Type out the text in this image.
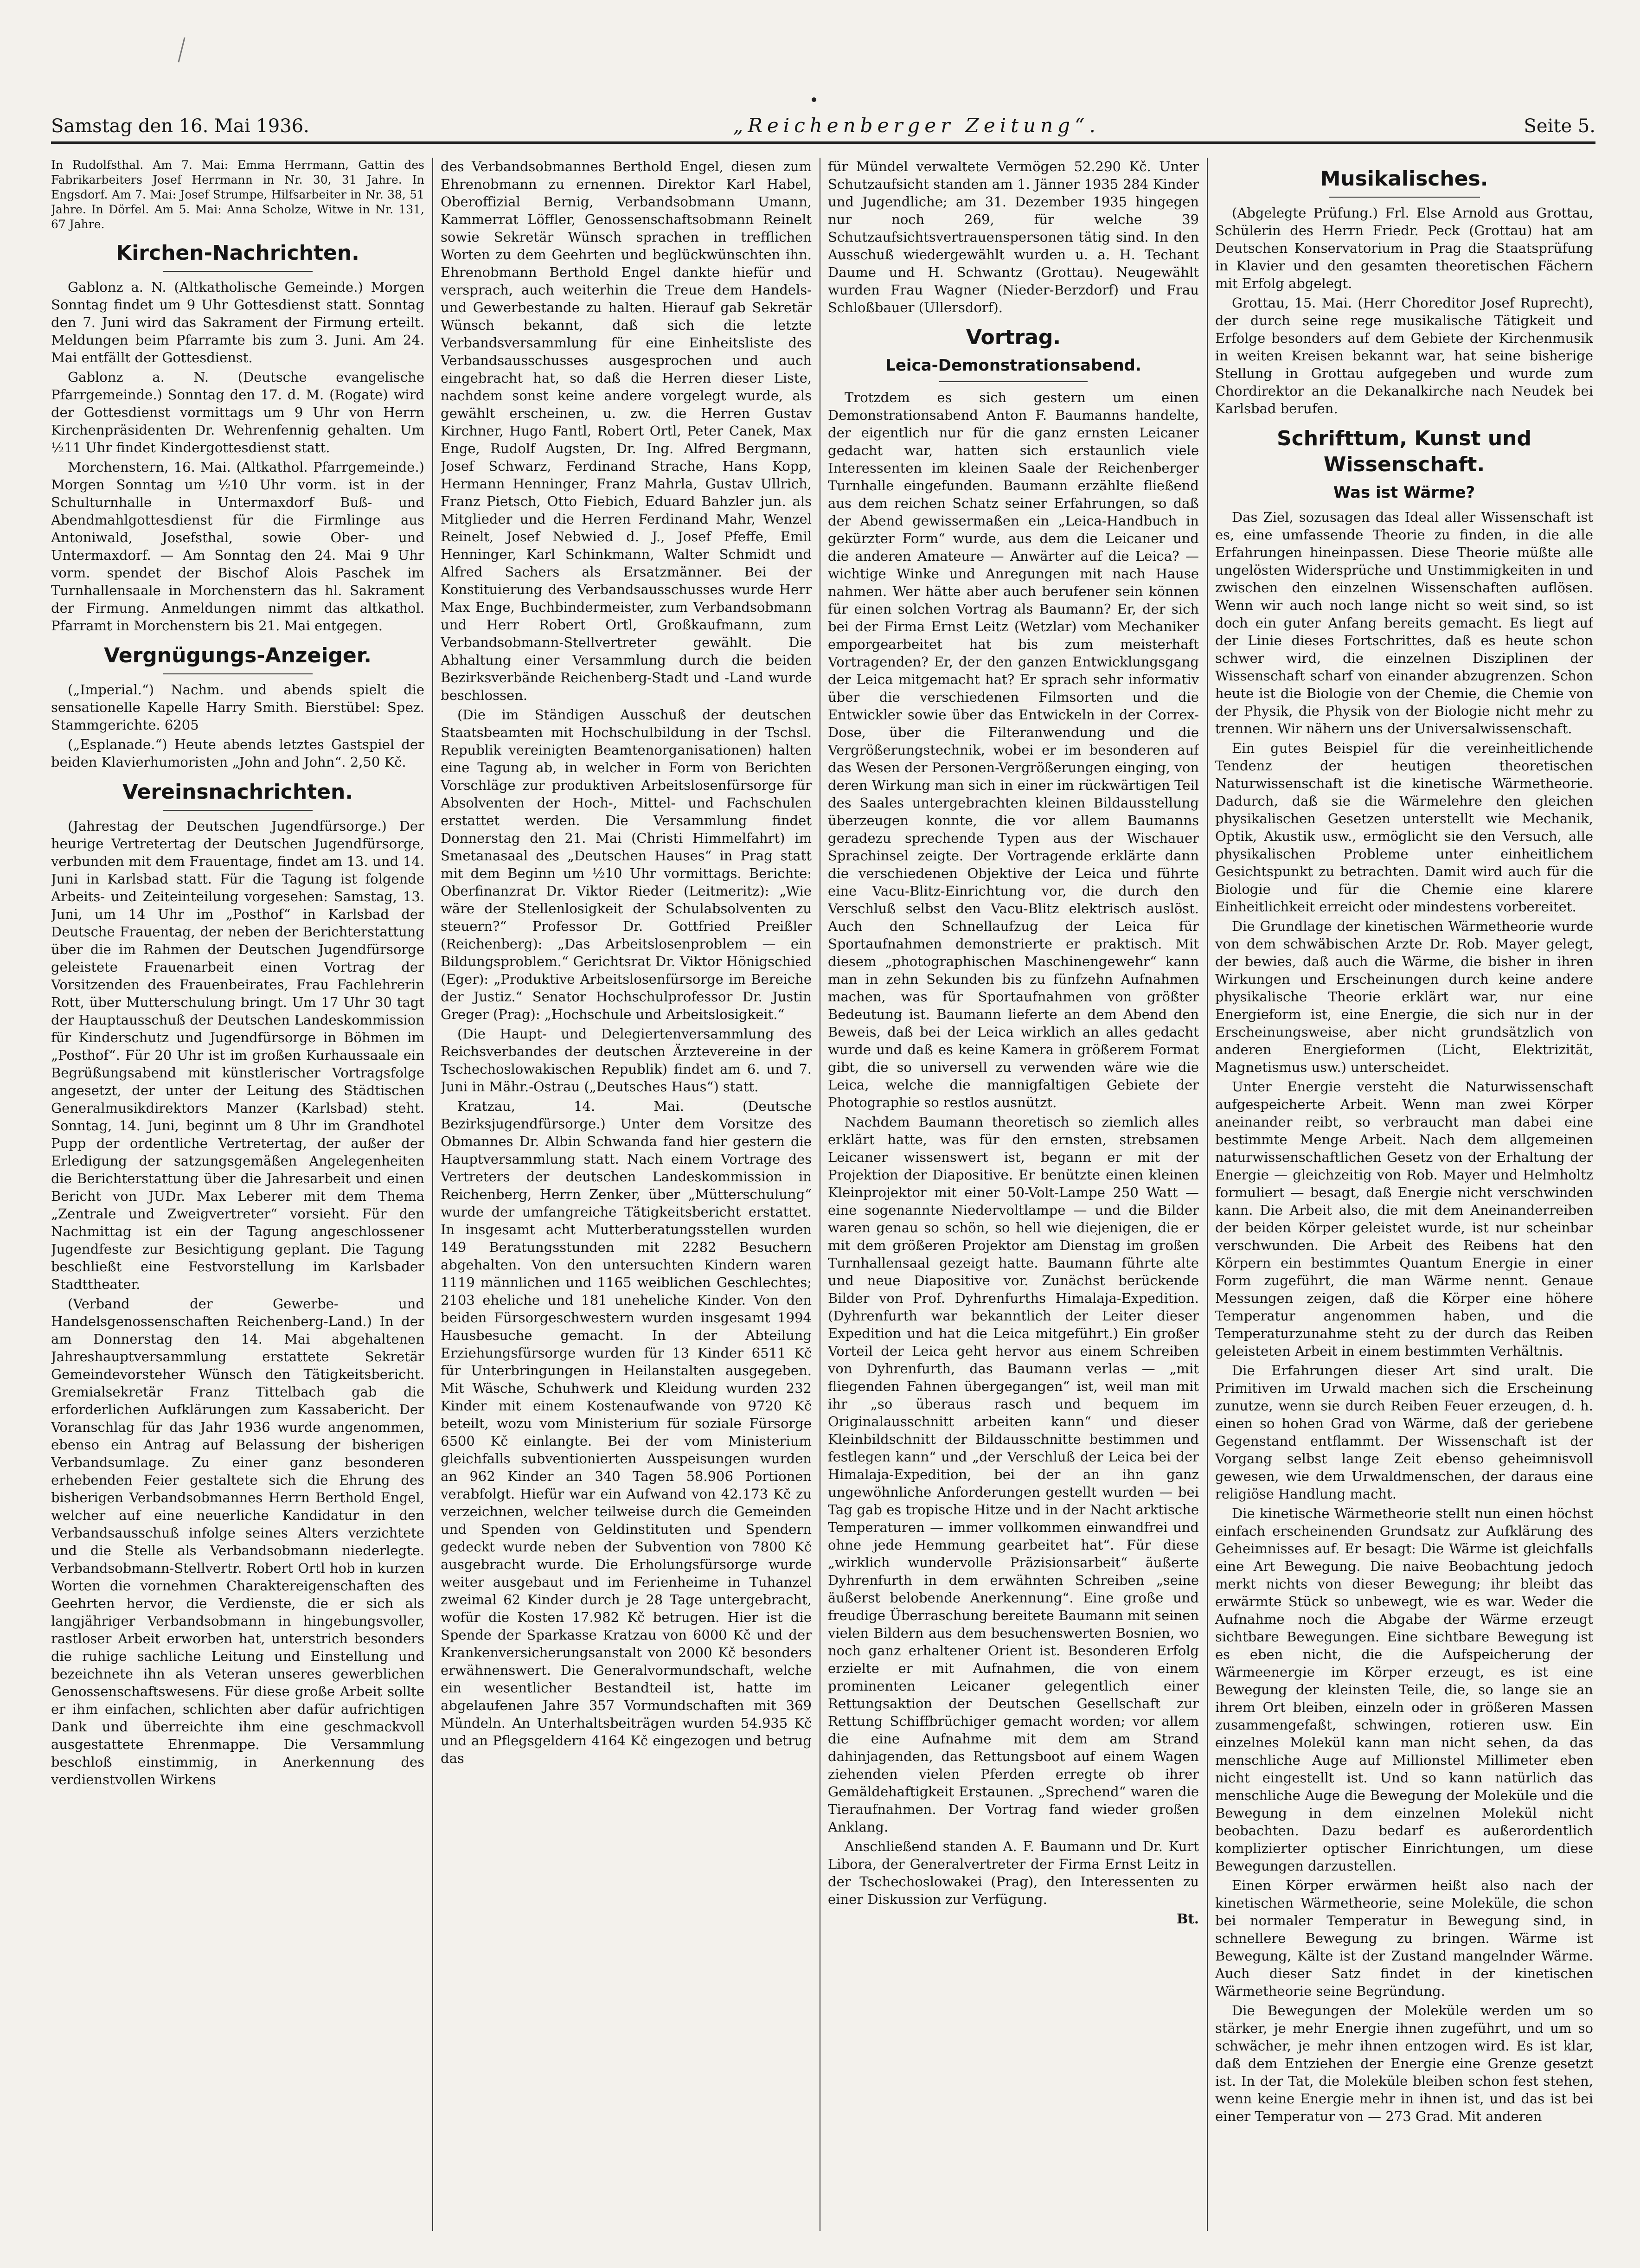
Samstag den 16. Mai 1936.	„Reichenberger Zeitung“.	Seite 5.

In Rudolfsthal. Am 7. Mai: Emma Herrmann, Gattin des Fabrikarbeiters Josef Herrmann in Nr. 30, 31 Jahre. In Engsdorf. Am 7. Mai: Josef Strumpe, Hilfsarbeiter in Nr. 38, 51 Jahre. In Dörfel. Am 5. Mai: Anna Scholze, Witwe in Nr. 131, 67 Jahre.

Kirchen-Nachrichten.

Gablonz a. N. (Altkatholische Gemeinde.) Morgen Sonntag findet um 9 Uhr Gottesdienst statt. Sonntag den 7. Juni wird das Sakrament der Firmung erteilt. Meldungen beim Pfarramte bis zum 3. Juni. Am 24. Mai entfällt der Gottesdienst.

Gablonz a. N. (Deutsche evangelische Pfarrgemeinde.) Sonntag den 17. d. M. (Rogate) wird der Gottesdienst vormittags um 9 Uhr von Herrn Kirchenpräsidenten Dr. Wehrenfennig gehalten. Um ½11 Uhr findet Kindergottesdienst statt.

Morchenstern, 16. Mai. (Altkathol. Pfarrgemeinde.) Morgen Sonntag um ½10 Uhr vorm. ist in der Schulturnhalle in Untermaxdorf Buß- und Abendmahlgottesdienst für die Firmlinge aus Antoniwald, Josefsthal, sowie Ober- und Untermaxdorf. — Am Sonntag den 24. Mai 9 Uhr vorm. spendet der Bischof Alois Paschek im Turnhallensaale in Morchenstern das hl. Sakrament der Firmung. Anmeldungen nimmt das altkathol. Pfarramt in Morchenstern bis 21. Mai entgegen.

Vergnügungs-Anzeiger.

(„Imperial.“) Nachm. und abends spielt die sensationelle Kapelle Harry Smith. Bierstübel: Spez. Stammgerichte. 6205

(„Esplanade.“) Heute abends letztes Gastspiel der beiden Klavierhumoristen „John and John“. 2,50 Kč.

Vereinsnachrichten.

(Jahrestag der Deutschen Jugendfürsorge.) Der heurige Vertretertag der Deutschen Jugendfürsorge, verbunden mit dem Frauentage, findet am 13. und 14. Juni in Karlsbad statt. Für die Tagung ist folgende Arbeits- und Zeiteinteilung vorgesehen: Samstag, 13. Juni, um 14 Uhr im „Posthof“ in Karlsbad der Deutsche Frauentag, der neben der Berichterstattung über die im Rahmen der Deutschen Jugendfürsorge geleistete Frauenarbeit einen Vortrag der Vorsitzenden des Frauenbeirates, Frau Fachlehrerin Rott, über Mutterschulung bringt. Um 17 Uhr 30 tagt der Hauptausschuß der Deutschen Landeskommission für Kinderschutz und Jugendfürsorge in Böhmen im „Posthof“. Für 20 Uhr ist im großen Kurhaussaale ein Begrüßungsabend mit künstlerischer Vortragsfolge angesetzt, der unter der Leitung des Städtischen Generalmusikdirektors Manzer (Karlsbad) steht. Sonntag, 14. Juni, beginnt um 8 Uhr im Grandhotel Pupp der ordentliche Vertretertag, der außer der Erledigung der satzungsgemäßen Angelegenheiten die Berichterstattung über die Jahresarbeit und einen Bericht von JUDr. Max Leberer mit dem Thema „Zentrale und Zweigvertreter“ vorsieht. Für den Nachmittag ist ein der Tagung angeschlossener Jugendfeste zur Besichtigung geplant. Die Tagung beschließt eine Festvorstellung im Karlsbader Stadttheater.

(Verband der Gewerbe- und Handelsgenossenschaften Reichenberg-Land.) In der am Donnerstag den 14. Mai abgehaltenen Jahreshauptversammlung erstattete Sekretär Gemeindevorsteher Wünsch den Tätigkeitsbericht. Gremialsekretär Franz Tittelbach gab die erforderlichen Aufklärungen zum Kassabericht. Der Voranschlag für das Jahr 1936 wurde angenommen, ebenso ein Antrag auf Belassung der bisherigen Verbandsumlage. Zu einer ganz besonderen erhebenden Feier gestaltete sich die Ehrung des bisherigen Verbandsobmannes Herrn Berthold Engel, welcher auf eine neuerliche Kandidatur in den Verbandsausschuß infolge seines Alters verzichtete und die Stelle als Verbandsobmann niederlegte. Verbandsobmann-Stellvertr. Robert Ortl hob in kurzen Worten die vornehmen Charaktereigenschaften des Geehrten hervor, die Verdienste, die er sich als langjähriger Verbandsobmann in hingebungsvoller, rastloser Arbeit erworben hat, unterstrich besonders die ruhige sachliche Leitung und Einstellung und bezeichnete ihn als Veteran unseres gewerblichen Genossenschaftswesens. Für diese große Arbeit sollte er ihm einfachen, schlichten aber dafür aufrichtigen Dank und überreichte ihm eine geschmackvoll ausgestattete Ehrenmappe. Die Versammlung beschloß einstimmig, in Anerkennung des verdienstvollen Wirkens

des Verbandsobmannes Berthold Engel, diesen zum Ehrenobmann zu ernennen. Direktor Karl Habel, Oberoffizial Bernig, Verbandsobmann Umann, Kammerrat Löffler, Genossenschaftsobmann Reinelt sowie Sekretär Wünsch sprachen in trefflichen Worten zu dem Geehrten und beglückwünschten ihn. Ehrenobmann Berthold Engel dankte hiefür und versprach, auch weiterhin die Treue dem Handels- und Gewerbestande zu halten. Hierauf gab Sekretär Wünsch bekannt, daß sich die letzte Verbandsversammlung für eine Einheitsliste des Verbandsausschusses ausgesprochen und auch eingebracht hat, so daß die Herren dieser Liste, nachdem sonst keine andere vorgelegt wurde, als gewählt erscheinen, u. zw. die Herren Gustav Kirchner, Hugo Fantl, Robert Ortl, Peter Canek, Max Enge, Rudolf Augsten, Dr. Ing. Alfred Bergmann, Josef Schwarz, Ferdinand Strache, Hans Kopp, Hermann Henninger, Franz Mahrla, Gustav Ullrich, Franz Pietsch, Otto Fiebich, Eduard Bahzler jun. als Mitglieder und die Herren Ferdinand Mahr, Wenzel Reinelt, Josef Nebwied d. J., Josef Pfeffe, Emil Henninger, Karl Schinkmann, Walter Schmidt und Alfred Sachers als Ersatzmänner. Bei der Konstituierung des Verbandsausschusses wurde Herr Max Enge, Buchbindermeister, zum Verbandsobmann und Herr Robert Ortl, Großkaufmann, zum Verbandsobmann-Stellvertreter gewählt. Die Abhaltung einer Versammlung durch die beiden Bezirksverbände Reichenberg-Stadt und -Land wurde beschlossen.

(Die im Ständigen Ausschuß der deutschen Staatsbeamten mit Hochschulbildung in der Tschsl. Republik vereinigten Beamtenorganisationen) halten eine Tagung ab, in welcher in Form von Berichten Vorschläge zur produktiven Arbeitslosenfürsorge für Absolventen der Hoch-, Mittel- und Fachschulen erstattet werden. Die Versammlung findet Donnerstag den 21. Mai (Christi Himmelfahrt) im Smetanasaal des „Deutschen Hauses“ in Prag statt mit dem Beginn um ½10 Uhr vormittags. Berichte: Oberfinanzrat Dr. Viktor Rieder (Leitmeritz): „Wie wäre der Stellenlosigkeit der Schulabsolventen zu steuern?“ Professor Dr. Gottfried Preißler (Reichenberg): „Das Arbeitslosenproblem — ein Bildungsproblem.“ Gerichtsrat Dr. Viktor Hönigschied (Eger): „Produktive Arbeitslosenfürsorge im Bereiche der Justiz.“ Senator Hochschulprofessor Dr. Justin Greger (Prag): „Hochschule und Arbeitslosigkeit.“

(Die Haupt- und Delegiertenversammlung des Reichsverbandes der deutschen Ärztevereine in der Tschechoslowakischen Republik) findet am 6. und 7. Juni in Mähr.-Ostrau („Deutsches Haus“) statt.

Kratzau, 14. Mai. (Deutsche Bezirksjugendfürsorge.) Unter dem Vorsitze des Obmannes Dr. Albin Schwanda fand hier gestern die Hauptversammlung statt. Nach einem Vortrage des Vertreters der deutschen Landeskommission in Reichenberg, Herrn Zenker, über „Mütterschulung“ wurde der umfangreiche Tätigkeitsbericht erstattet. In insgesamt acht Mutterberatungsstellen wurden 149 Beratungsstunden mit 2282 Besuchern abgehalten. Von den untersuchten Kindern waren 1119 männlichen und 1165 weiblichen Geschlechtes; 2103 eheliche und 181 uneheliche Kinder. Von den beiden Fürsorgeschwestern wurden insgesamt 1994 Hausbesuche gemacht. In der Abteilung Erziehungsfürsorge wurden für 13 Kinder 6511 Kč für Unterbringungen in Heilanstalten ausgegeben. Mit Wäsche, Schuhwerk und Kleidung wurden 232 Kinder mit einem Kostenaufwande von 9720 Kč beteilt, wozu vom Ministerium für soziale Fürsorge 6500 Kč einlangte. Bei der vom Ministerium gleichfalls subventionierten Ausspeisungen wurden an 962 Kinder an 340 Tagen 58.906 Portionen verabfolgt. Hiefür war ein Aufwand von 42.173 Kč zu verzeichnen, welcher teilweise durch die Gemeinden und Spenden von Geldinstituten und Spendern gedeckt wurde neben der Subvention von 7800 Kč ausgebracht wurde. Die Erholungsfürsorge wurde weiter ausgebaut und im Ferienheime in Tuhanzel zweimal 62 Kinder durch je 28 Tage untergebracht, wofür die Kosten 17.982 Kč betrugen. Hier ist die Spende der Sparkasse Kratzau von 6000 Kč und der Krankenversicherungsanstalt von 2000 Kč besonders erwähnenswert. Die Generalvormundschaft, welche ein wesentlicher Bestandteil ist, hatte im abgelaufenen Jahre 357 Vormundschaften mit 369 Mündeln. An Unterhaltsbeiträgen wurden 54.935 Kč und an Pflegsgeldern 4164 Kč eingezogen und betrug das

für Mündel verwaltete Vermögen 52.290 Kč. Unter Schutzaufsicht standen am 1. Jänner 1935 284 Kinder und Jugendliche; am 31. Dezember 1935 hingegen nur noch 269, für welche 39 Schutzaufsichtsvertrauenspersonen tätig sind. In den Ausschuß wiedergewählt wurden u. a. H. Techant Daume und H. Schwantz (Grottau). Neugewählt wurden Frau Wagner (Nieder-Berzdorf) und Frau Schloßbauer (Ullersdorf).

Vortrag.
Leica-Demonstrationsabend.

Trotzdem es sich gestern um einen Demonstrationsabend Anton F. Baumanns handelte, der eigentlich nur für die ganz ernsten Leicaner gedacht war, hatten sich erstaunlich viele Interessenten im kleinen Saale der Reichenberger Turnhalle eingefunden. Baumann erzählte fließend aus dem reichen Schatz seiner Erfahrungen, so daß der Abend gewissermaßen ein „Leica-Handbuch in gekürzter Form“ wurde, aus dem die Leicaner und die anderen Amateure — Anwärter auf die Leica? — wichtige Winke und Anregungen mit nach Hause nahmen. Wer hätte aber auch berufener sein können für einen solchen Vortrag als Baumann? Er, der sich bei der Firma Ernst Leitz (Wetzlar) vom Mechaniker emporgearbeitet hat bis zum meisterhaft Vortragenden? Er, der den ganzen Entwicklungsgang der Leica mitgemacht hat? Er sprach sehr informativ über die verschiedenen Filmsorten und die Entwickler sowie über das Entwickeln in der Correx-Dose, über die Filteranwendung und die Vergrößerungstechnik, wobei er im besonderen auf das Wesen der Personen-Vergrößerungen einging, von deren Wirkung man sich in einer im rückwärtigen Teil des Saales untergebrachten kleinen Bildausstellung überzeugen konnte, die vor allem Baumanns geradezu sprechende Typen aus der Wischauer Sprachinsel zeigte. Der Vortragende erklärte dann die verschiedenen Objektive der Leica und führte eine Vacu-Blitz-Einrichtung vor, die durch den Verschluß selbst den Vacu-Blitz elektrisch auslöst. Auch den Schnellaufzug der Leica für Sportaufnahmen demonstrierte er praktisch. Mit diesem „photographischen Maschinengewehr“ kann man in zehn Sekunden bis zu fünfzehn Aufnahmen machen, was für Sportaufnahmen von größter Bedeutung ist. Baumann lieferte an dem Abend den Beweis, daß bei der Leica wirklich an alles gedacht wurde und daß es keine Kamera in größerem Format gibt, die so universell zu verwenden wäre wie die Leica, welche die mannigfaltigen Gebiete der Photographie so restlos ausnützt.

Nachdem Baumann theoretisch so ziemlich alles erklärt hatte, was für den ernsten, strebsamen Leicaner wissenswert ist, begann er mit der Projektion der Diapositive. Er benützte einen kleinen Kleinprojektor mit einer 50-Volt-Lampe 250 Watt — eine sogenannte Niedervoltlampe — und die Bilder waren genau so schön, so hell wie diejenigen, die er mit dem größeren Projektor am Dienstag im großen Turnhallensaal gezeigt hatte. Baumann führte alte und neue Diapositive vor. Zunächst berückende Bilder von Prof. Dyhrenfurths Himalaja-Expedition. (Dyhrenfurth war bekanntlich der Leiter dieser Expedition und hat die Leica mitgeführt.) Ein großer Vorteil der Leica geht hervor aus einem Schreiben von Dyhrenfurth, das Baumann verlas — „mit fliegenden Fahnen übergegangen“ ist, weil man mit ihr „so überaus rasch und bequem im Originalausschnitt arbeiten kann“ und dieser Kleinbildschnitt der Bildausschnitte bestimmen und festlegen kann“ und „der Verschluß der Leica bei der Himalaja-Expedition, bei der an ihn ganz ungewöhnliche Anforderungen gestellt wurden — bei Tag gab es tropische Hitze und in der Nacht arktische Temperaturen — immer vollkommen einwandfrei und ohne jede Hemmung gearbeitet hat“. Für diese „wirklich wundervolle Präzisionsarbeit“ äußerte Dyhrenfurth in dem erwähnten Schreiben „seine äußerst belobende Anerkennung“. Eine große und freudige Überraschung bereitete Baumann mit seinen vielen Bildern aus dem besuchenswerten Bosnien, wo noch ganz erhaltener Orient ist. Besonderen Erfolg erzielte er mit Aufnahmen, die von einem prominenten Leicaner gelegentlich einer Rettungsaktion der Deutschen Gesellschaft zur Rettung Schiffbrüchiger gemacht worden; vor allem die eine Aufnahme mit dem am Strand dahinjagenden, das Rettungsboot auf einem Wagen ziehenden vielen Pferden erregte ob ihrer Gemäldehaftigkeit Erstaunen. „Sprechend“ waren die Tieraufnahmen. Der Vortrag fand wieder großen Anklang.

Anschließend standen A. F. Baumann und Dr. Kurt Libora, der Generalvertreter der Firma Ernst Leitz in der Tschechoslowakei (Prag), den Interessenten zu einer Diskussion zur Verfügung.

Bt.
Musikalisches.

(Abgelegte Prüfung.) Frl. Else Arnold aus Grottau, Schülerin des Herrn Friedr. Peck (Grottau) hat am Deutschen Konservatorium in Prag die Staatsprüfung in Klavier und den gesamten theoretischen Fächern mit Erfolg abgelegt.

Grottau, 15. Mai. (Herr Choreditor Josef Ruprecht), der durch seine rege musikalische Tätigkeit und Erfolge besonders auf dem Gebiete der Kirchenmusik in weiten Kreisen bekannt war, hat seine bisherige Stellung in Grottau aufgegeben und wurde zum Chordirektor an die Dekanalkirche nach Neudek bei Karlsbad berufen.

Schrifttum, Kunst und Wissenschaft.
Was ist Wärme?

Das Ziel, sozusagen das Ideal aller Wissenschaft ist es, eine umfassende Theorie zu finden, in die alle Erfahrungen hineinpassen. Diese Theorie müßte alle ungelösten Widersprüche und Unstimmigkeiten in und zwischen den einzelnen Wissenschaften auflösen. Wenn wir auch noch lange nicht so weit sind, so ist doch ein guter Anfang bereits gemacht. Es liegt auf der Linie dieses Fortschrittes, daß es heute schon schwer wird, die einzelnen Disziplinen der Wissenschaft scharf von einander abzugrenzen. Schon heute ist die Biologie von der Chemie, die Chemie von der Physik, die Physik von der Biologie nicht mehr zu trennen. Wir nähern uns der Universalwissenschaft.

Ein gutes Beispiel für die vereinheitlichende Tendenz der heutigen theoretischen Naturwissenschaft ist die kinetische Wärmetheorie. Dadurch, daß sie die Wärmelehre den gleichen physikalischen Gesetzen unterstellt wie Mechanik, Optik, Akustik usw., ermöglicht sie den Versuch, alle physikalischen Probleme unter einheitlichem Gesichtspunkt zu betrachten. Damit wird auch für die Biologie und für die Chemie eine klarere Einheitlichkeit erreicht oder mindestens vorbereitet.

Die Grundlage der kinetischen Wärmetheorie wurde von dem schwäbischen Arzte Dr. Rob. Mayer gelegt, der bewies, daß auch die Wärme, die bisher in ihren Wirkungen und Erscheinungen durch keine andere physikalische Theorie erklärt war, nur eine Energieform ist, eine Energie, die sich nur in der Erscheinungsweise, aber nicht grundsätzlich von anderen Energieformen (Licht, Elektrizität, Magnetismus usw.) unterscheidet.

Unter Energie versteht die Naturwissenschaft aufgespeicherte Arbeit. Wenn man zwei Körper aneinander reibt, so verbraucht man dabei eine bestimmte Menge Arbeit. Nach dem allgemeinen naturwissenschaftlichen Gesetz von der Erhaltung der Energie — gleichzeitig von Rob. Mayer und Helmholtz formuliert — besagt, daß Energie nicht verschwinden kann. Die Arbeit also, die mit dem Aneinanderreiben der beiden Körper geleistet wurde, ist nur scheinbar verschwunden. Die Arbeit des Reibens hat den Körpern ein bestimmtes Quantum Energie in einer Form zugeführt, die man Wärme nennt. Genaue Messungen zeigen, daß die Körper eine höhere Temperatur angenommen haben, und die Temperaturzunahme steht zu der durch das Reiben geleisteten Arbeit in einem bestimmten Verhältnis.

Die Erfahrungen dieser Art sind uralt. Die Primitiven im Urwald machen sich die Erscheinung zunutze, wenn sie durch Reiben Feuer erzeugen, d. h. einen so hohen Grad von Wärme, daß der geriebene Gegenstand entflammt. Der Wissenschaft ist der Vorgang selbst lange Zeit ebenso geheimnisvoll gewesen, wie dem Urwaldmenschen, der daraus eine religiöse Handlung macht.

Die kinetische Wärmetheorie stellt nun einen höchst einfach erscheinenden Grundsatz zur Aufklärung des Geheimnisses auf. Er besagt: Die Wärme ist gleichfalls eine Art Bewegung. Die naive Beobachtung jedoch merkt nichts von dieser Bewegung; ihr bleibt das erwärmte Stück so unbewegt, wie es war. Weder die Aufnahme noch die Abgabe der Wärme erzeugt sichtbare Bewegungen. Eine sichtbare Bewegung ist es eben nicht, die die Aufspeicherung der Wärmeenergie im Körper erzeugt, es ist eine Bewegung der kleinsten Teile, die, so lange sie an ihrem Ort bleiben, einzeln oder in größeren Massen zusammengefaßt, schwingen, rotieren usw. Ein einzelnes Molekül kann man nicht sehen, da das menschliche Auge auf Millionstel Millimeter eben nicht eingestellt ist. Und so kann natürlich das menschliche Auge die Bewegung der Moleküle und die Bewegung in dem einzelnen Molekül nicht beobachten. Dazu bedarf es außerordentlich komplizierter optischer Einrichtungen, um diese Bewegungen darzustellen.

Einen Körper erwärmen heißt also nach der kinetischen Wärmetheorie, seine Moleküle, die schon bei normaler Temperatur in Bewegung sind, in schnellere Bewegung zu bringen. Wärme ist Bewegung, Kälte ist der Zustand mangelnder Wärme. Auch dieser Satz findet in der kinetischen Wärmetheorie seine Begründung.

Die Bewegungen der Moleküle werden um so stärker, je mehr Energie ihnen zugeführt, und um so schwächer, je mehr ihnen entzogen wird. Es ist klar, daß dem Entziehen der Energie eine Grenze gesetzt ist. In der Tat, die Moleküle bleiben schon fest stehen, wenn keine Energie mehr in ihnen ist, und das ist bei einer Temperatur von — 273 Grad. Mit anderen
